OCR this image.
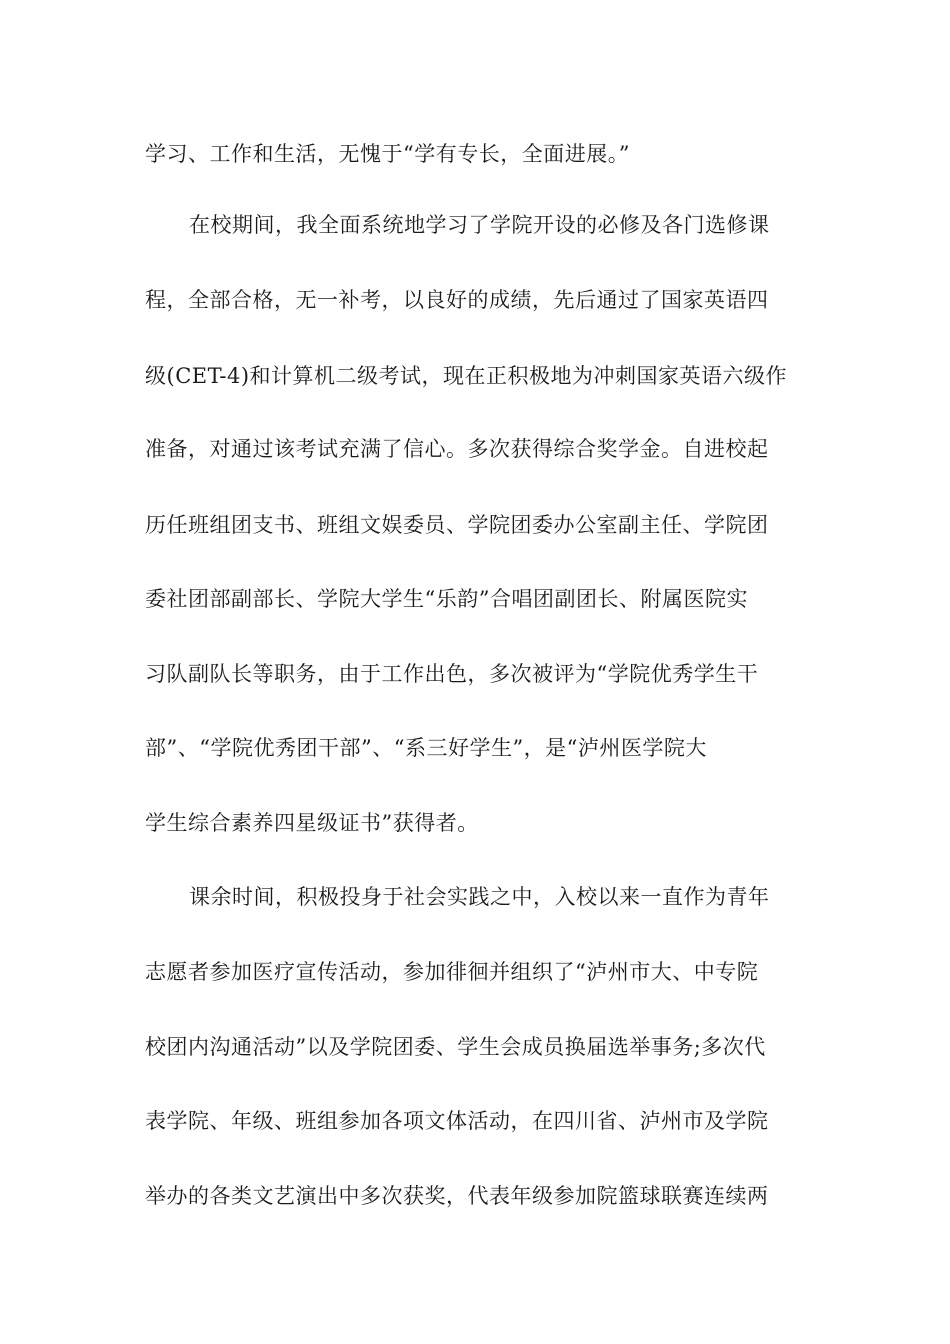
学习、工作和生活，无愧于“学有专长，全面进展。”
在校期间，我全面系统地学习了学院开设的必修及各门选修课
程，全部合格，无一补考，以良好的成绩，先后通过了国家英语四
级(CET-4)和计算机二级考试，现在正积极地为冲刺国家英语六级作
准备，对通过该考试充满了信心。多次获得综合奖学金。自进校起
历任班组团支书、班组文娱委员、学院团委办公室副主任、学院团
委社团部副部长、学院大学生“乐韵”合唱团副团长、附属医院实
习队副队长等职务，由于工作出色，多次被评为“学院优秀学生干
部”、“学院优秀团干部”、“系三好学生”，是“泸州医学院大
学生综合素养四星级证书”获得者。
课余时间，积极投身于社会实践之中，入校以来一直作为青年
志愿者参加医疗宣传活动，参加徘徊并组织了“泸州市大、中专院
校团内沟通活动”以及学院团委、学生会成员换届选举事务;多次代
表学院、年级、班组参加各项文体活动，在四川省、泸州市及学院
举办的各类文艺演出中多次获奖，代表年级参加院篮球联赛连续两
